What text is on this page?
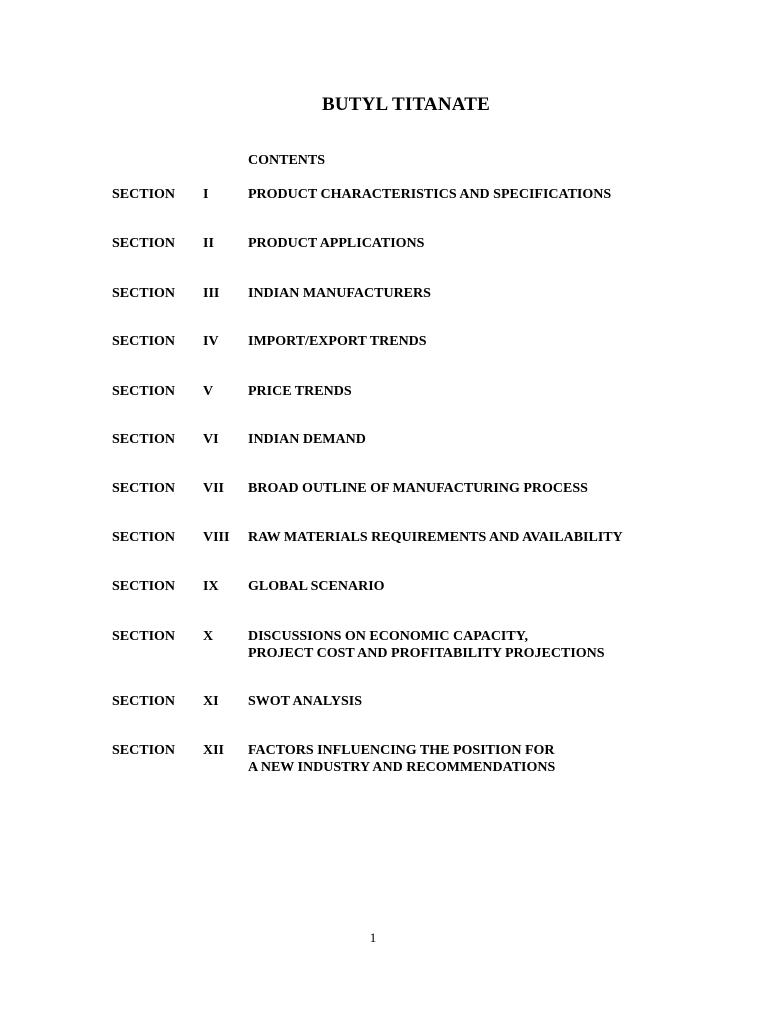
BUTYL TITANATE
CONTENTS
SECTION I	PRODUCT CHARACTERISTICS AND SPECIFICATIONS
SECTION II PRODUCT APPLICATIONS
SECTION III INDIAN MANUFACTURERS
SECTION IV IMPORT/EXPORT TRENDS
SECTION V PRICE TRENDS
SECTION VI INDIAN DEMAND
SECTION VII BROAD OUTLINE OF MANUFACTURING PROCESS
SECTION VIII RAW MATERIALS REQUIREMENTS AND AVAILABILITY
SECTION IX GLOBAL SCENARIO
SECTION X DISCUSSIONS ON ECONOMIC CAPACITY,
PROJECT COST AND PROFITABILITY PROJECTIONS
SECTION XI SWOT ANALYSIS
SECTION XII FACTORS INFLUENCING THE POSITION FOR
A NEW INDUSTRY AND RECOMMENDATIONS
1
